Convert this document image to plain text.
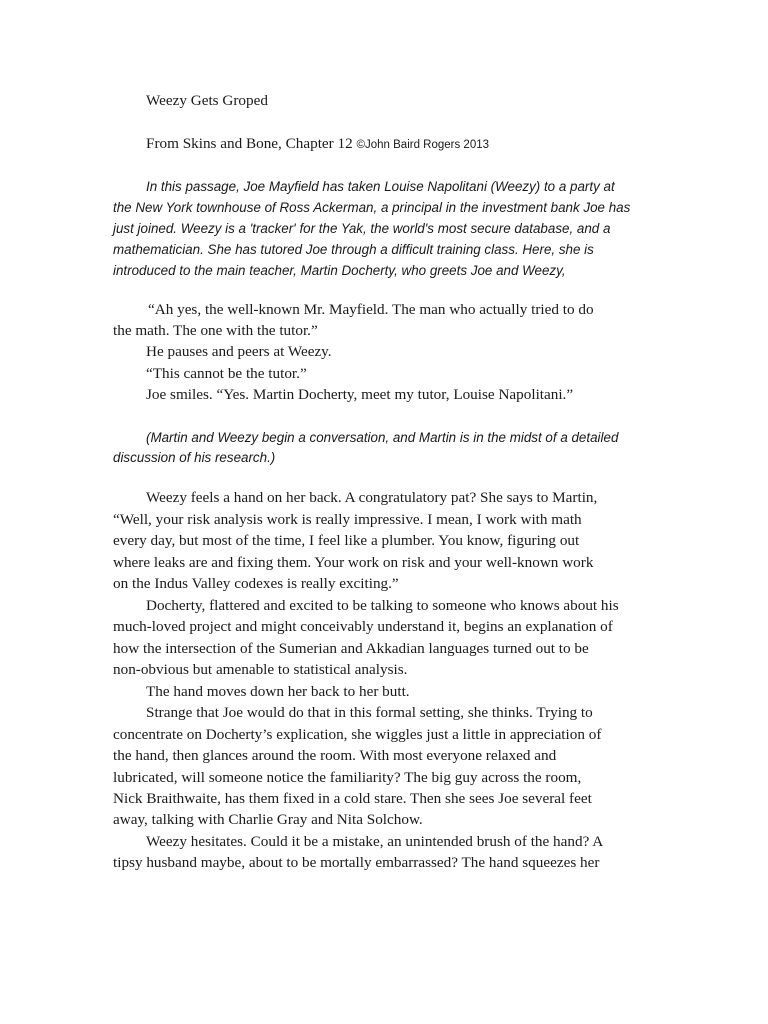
Weezy Gets Groped
From Skins and Bone, Chapter 12 ©John Baird Rogers 2013
In this passage, Joe Mayfield has taken Louise Napolitani (Weezy) to a party at
the New York townhouse of Ross Ackerman, a principal in the investment bank Joe has
just joined. Weezy is a 'tracker' for the Yak, the world's most secure database, and a
mathematician. She has tutored Joe through a difficult training class. Here, she is
introduced to the main teacher, Martin Docherty, who greets Joe and Weezy,
“Ah yes, the well-known Mr. Mayfield. The man who actually tried to do
the math. The one with the tutor.”
He pauses and peers at Weezy.
“This cannot be the tutor.”
Joe smiles. “Yes. Martin Docherty, meet my tutor, Louise Napolitani.”
(Martin and Weezy begin a conversation, and Martin is in the midst of a detailed
discussion of his research.)
Weezy feels a hand on her back. A congratulatory pat? She says to Martin,
“Well, your risk analysis work is really impressive. I mean, I work with math
every day, but most of the time, I feel like a plumber. You know, figuring out
where leaks are and fixing them. Your work on risk and your well-known work
on the Indus Valley codexes is really exciting.”
Docherty, flattered and excited to be talking to someone who knows about his
much-loved project and might conceivably understand it, begins an explanation of
how the intersection of the Sumerian and Akkadian languages turned out to be
non-obvious but amenable to statistical analysis.
The hand moves down her back to her butt.
Strange that Joe would do that in this formal setting, she thinks. Trying to
concentrate on Docherty’s explication, she wiggles just a little in appreciation of
the hand, then glances around the room. With most everyone relaxed and
lubricated, will someone notice the familiarity? The big guy across the room,
Nick Braithwaite, has them fixed in a cold stare. Then she sees Joe several feet
away, talking with Charlie Gray and Nita Solchow.
Weezy hesitates. Could it be a mistake, an unintended brush of the hand? A
tipsy husband maybe, about to be mortally embarrassed? The hand squeezes her
